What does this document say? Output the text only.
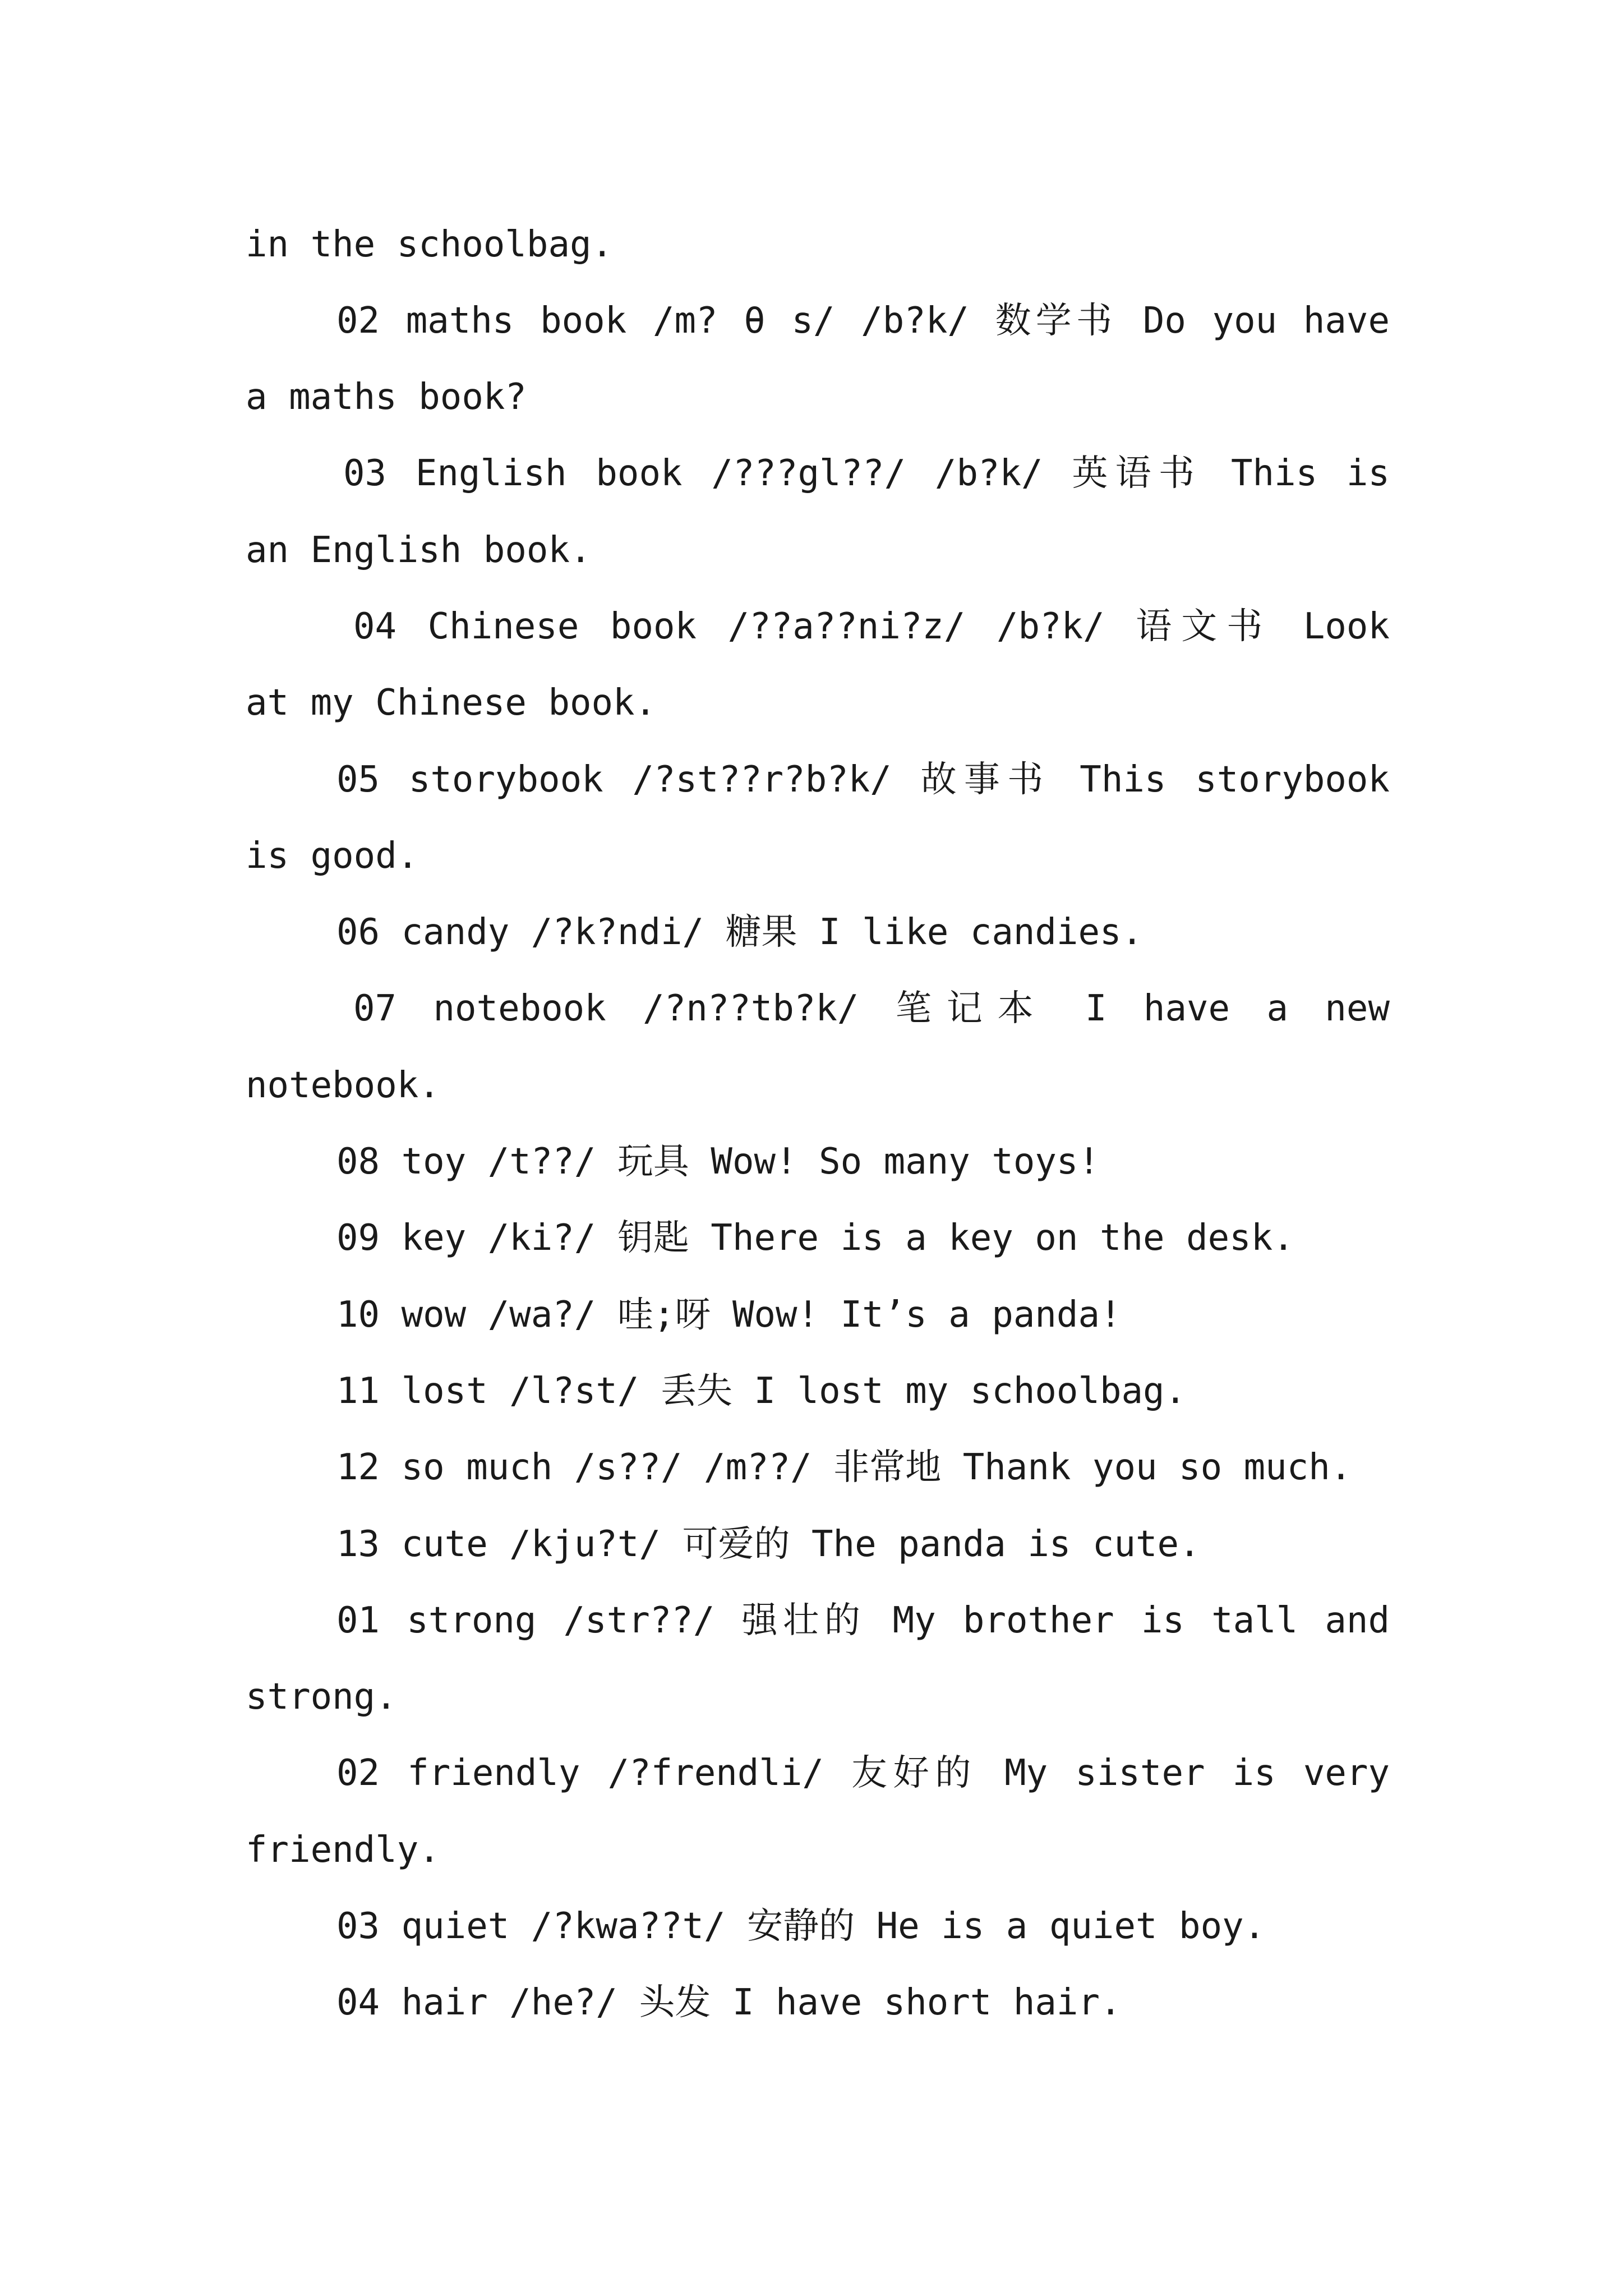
in the schoolbag.
02 maths book /m? θ s/ /b?k/ 数学书 Do you have
a maths book?
03 English book /???gl??/ /b?k/ 英语书 This is
an English book.
04 Chinese book /??a??ni?z/ /b?k/ 语文书 Look
at my Chinese book.
05 storybook /?st??r?b?k/ 故事书 This storybook
is good.
06 candy /?k?ndi/ 糖果 I like candies.
07 notebook /?n??tb?k/ 笔记本 I have a new
notebook.
08 toy /t??/ 玩具 Wow! So many toys!
09 key /ki?/ 钥匙 There is a key on the desk.
10 wow /wa?/ 哇;呀 Wow! It’s a panda!
11 lost /l?st/ 丢失 I lost my schoolbag.
12 so much /s??/ /m??/ 非常地 Thank you so much.
13 cute /kju?t/ 可爱的 The panda is cute.
01 strong /str??/ 强壮的 My brother is tall and
strong.
02 friendly /?frendli/ 友好的 My sister is very
friendly.
03 quiet /?kwa??t/ 安静的 He is a quiet boy.
04 hair /he?/ 头发 I have short hair.
